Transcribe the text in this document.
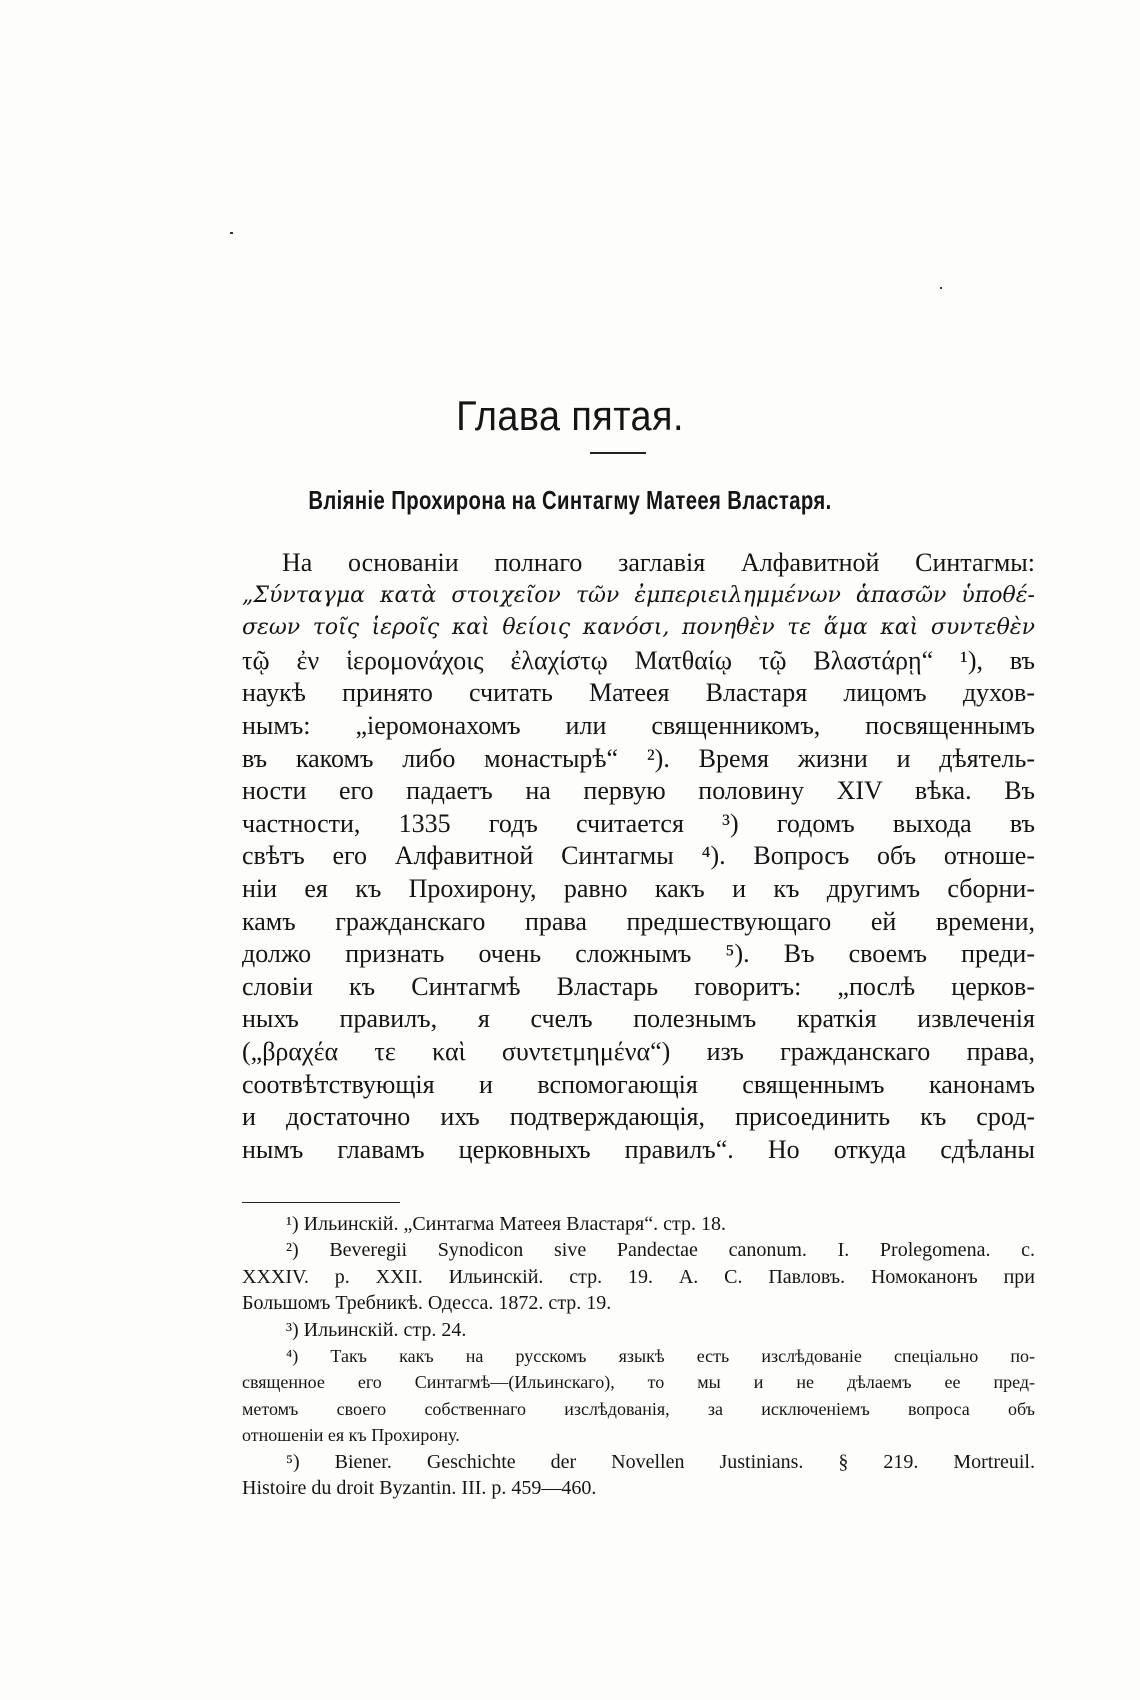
Глава пятая.
Вліяніе Прохирона на Синтагму Матеея Властаря.
На основаніи полнаго заглавія Алфавитной Синтагмы:
„Σύνταγμα κατὰ στοιχεῖον τῶν ἐμπεριειλημμένων ἁπασῶν ὑποθέ-
σεων τοῖς ἱεροῖς καὶ θείοις κανόσι, πονηθὲν τε ἅμα καὶ συντεθὲν
τῷ ἐν ἱερομονάχοις ἐλαχίστῳ Ματθαίῳ τῷ Βλαστάρῃ“ ¹), въ
наукѣ принято считать Матеея Властаря лицомъ духов-
нымъ: „іеромонахомъ или священникомъ, посвященнымъ
въ какомъ либо монастырѣ“ ²). Время жизни и дѣятель-
ности его падаетъ на первую половину XIV вѣка. Въ
частности, 1335 годъ считается ³) годомъ выхода въ
свѣтъ его Алфавитной Синтагмы ⁴). Вопросъ объ отноше-
ніи ея къ Прохирону, равно какъ и къ другимъ сборни-
камъ гражданскаго права предшествующаго ей времени,
должо признать очень сложнымъ ⁵). Въ своемъ преди-
словіи къ Синтагмѣ Властарь говоритъ: „послѣ церков-
ныхъ правилъ, я счелъ полезнымъ краткія извлеченія
(„βραχέα τε καὶ συντετμημένα“) изъ гражданскаго права,
соотвѣтствующія и вспомогающія священнымъ канонамъ
и достаточно ихъ подтверждающія, присоединить къ срод-
нымъ главамъ церковныхъ правилъ“. Но откуда сдѣланы
¹) Ильинскій. „Синтагма Матеея Властаря“. стр. 18.
²) Beveregii Synodicon sive Pandectae canonum. I. Prolegomena. c.
XXXIV. p. XXII. Ильинскій. стр. 19. А. С. Павловъ. Номоканонъ при
Большомъ Требникѣ. Одесса. 1872. стр. 19.
³) Ильинскій. стр. 24.
⁴) Такъ какъ на русскомъ языкѣ есть изслѣдованіе спеціально по-
священное его Синтагмѣ—(Ильинскаго), то мы и не дѣлаемъ ее пред-
метомъ своего собственнаго изслѣдованія, за исключеніемъ вопроса объ
отношеніи ея къ Прохирону.
⁵) Biener. Geschichte der Novellen Justinians. § 219. Mortreuil.
Histoire du droit Byzantin. III. p. 459—460.
